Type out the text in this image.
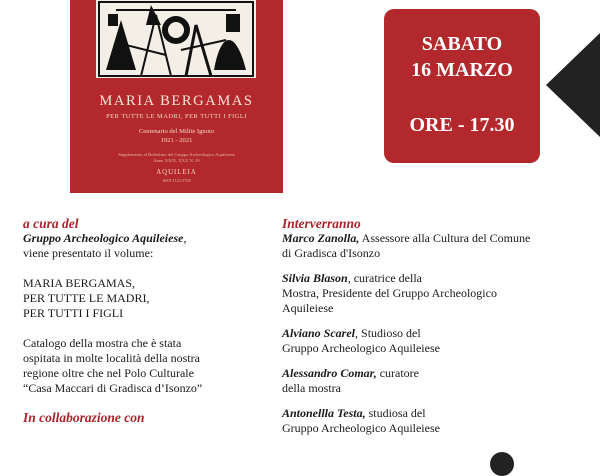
MARIA BERGAMAS
PER TUTTE LE MADRI, PER TUTTI I FIGLI
Centenario del Milite Ignoto
1921 - 2021
Supplemento al Bollettino del Gruppo Archeologico Aquileiese
Anno XXIX, XXX N. 29
AQUILEIA
ISSN 1123-5758
SABATO
16 MARZO
ORE - 17.30

a cura del

Gruppo Archeologico Aquileiese,

viene presentato il volume:

MARIA BERGAMAS,

PER TUTTE LE MADRI,

PER TUTTI I FIGLI

Catalogo della mostra che è stata

ospitata in molte località della nostra

regione oltre che nel Polo Culturale

“Casa Maccari di Gradisca d’Isonzo”

In collaborazione con

Interverranno

Marco Zanolla, Assessore alla Cultura del Comune
di Gradisca d'Isonzo
Silvia Blason, curatrice della
Mostra, Presidente del Gruppo Archeologico
Aquileiese
Alviano Scarel, Studioso del
Gruppo Archeologico Aquileiese
Alessandro Comar, curatore
della mostra
Antonellla Testa, studiosa del
Gruppo Archeologico Aquileiese
